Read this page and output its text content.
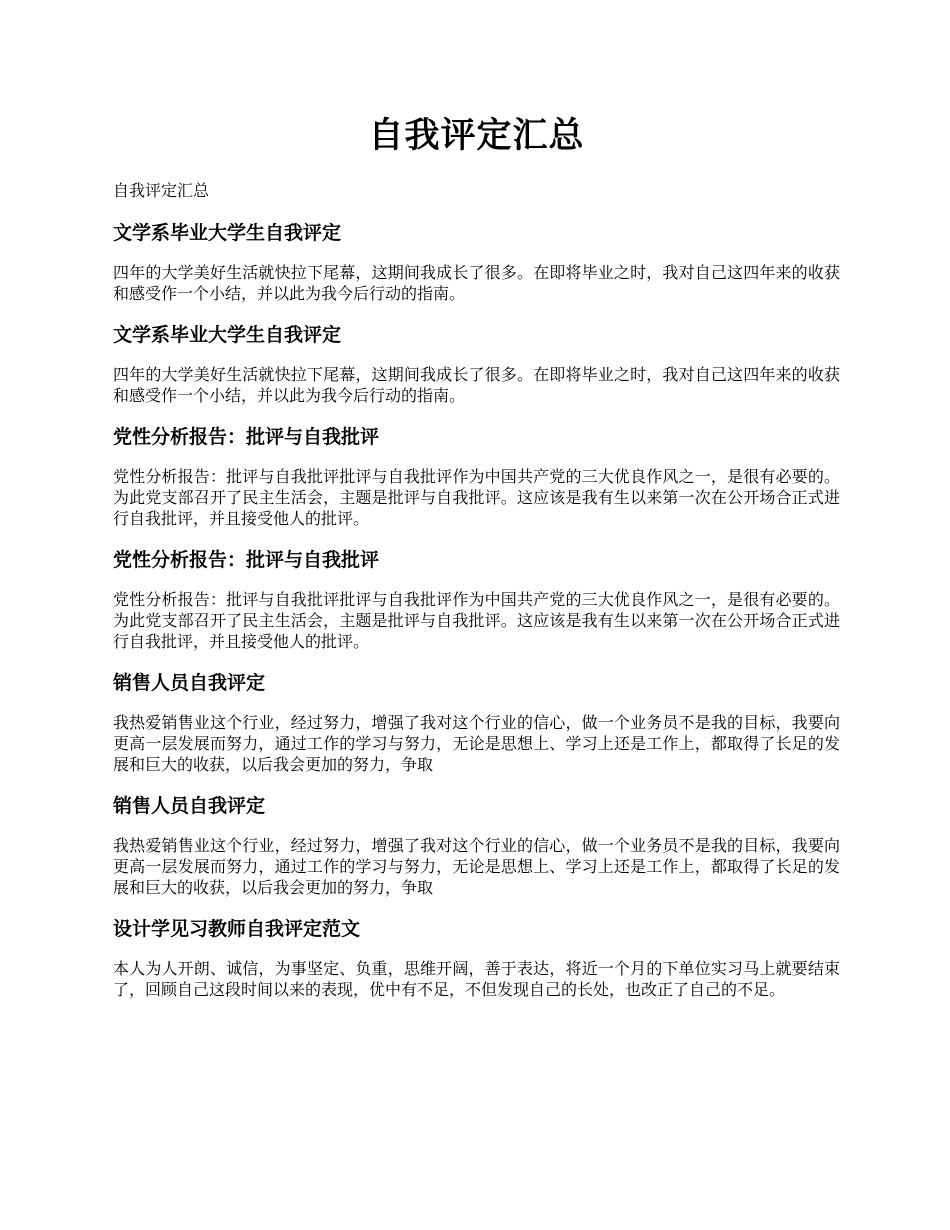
自我评定汇总

自我评定汇总

文学系毕业大学生自我评定

四年的大学美好生活就快拉下尾幕，这期间我成长了很多。在即将毕业之时，我对自己这四年来的收获和感受作一个小结，并以此为我今后行动的指南。

文学系毕业大学生自我评定

四年的大学美好生活就快拉下尾幕，这期间我成长了很多。在即将毕业之时，我对自己这四年来的收获和感受作一个小结，并以此为我今后行动的指南。

党性分析报告：批评与自我批评

党性分析报告：批评与自我批评批评与自我批评作为中国共产党的三大优良作风之一，是很有必要的。为此党支部召开了民主生活会，主题是批评与自我批评。这应该是我有生以来第一次在公开场合正式进行自我批评，并且接受他人的批评。

党性分析报告：批评与自我批评

党性分析报告：批评与自我批评批评与自我批评作为中国共产党的三大优良作风之一，是很有必要的。为此党支部召开了民主生活会，主题是批评与自我批评。这应该是我有生以来第一次在公开场合正式进行自我批评，并且接受他人的批评。

销售人员自我评定

我热爱销售业这个行业，经过努力，增强了我对这个行业的信心，做一个业务员不是我的目标，我要向更高一层发展而努力，通过工作的学习与努力，无论是思想上、学习上还是工作上，都取得了长足的发展和巨大的收获，以后我会更加的努力，争取

销售人员自我评定

我热爱销售业这个行业，经过努力，增强了我对这个行业的信心，做一个业务员不是我的目标，我要向更高一层发展而努力，通过工作的学习与努力，无论是思想上、学习上还是工作上，都取得了长足的发展和巨大的收获，以后我会更加的努力，争取

设计学见习教师自我评定范文

本人为人开朗、诚信，为事坚定、负重，思维开阔，善于表达，将近一个月的下单位实习马上就要结束了，回顾自己这段时间以来的表现，优中有不足，不但发现自己的长处，也改正了自己的不足。
